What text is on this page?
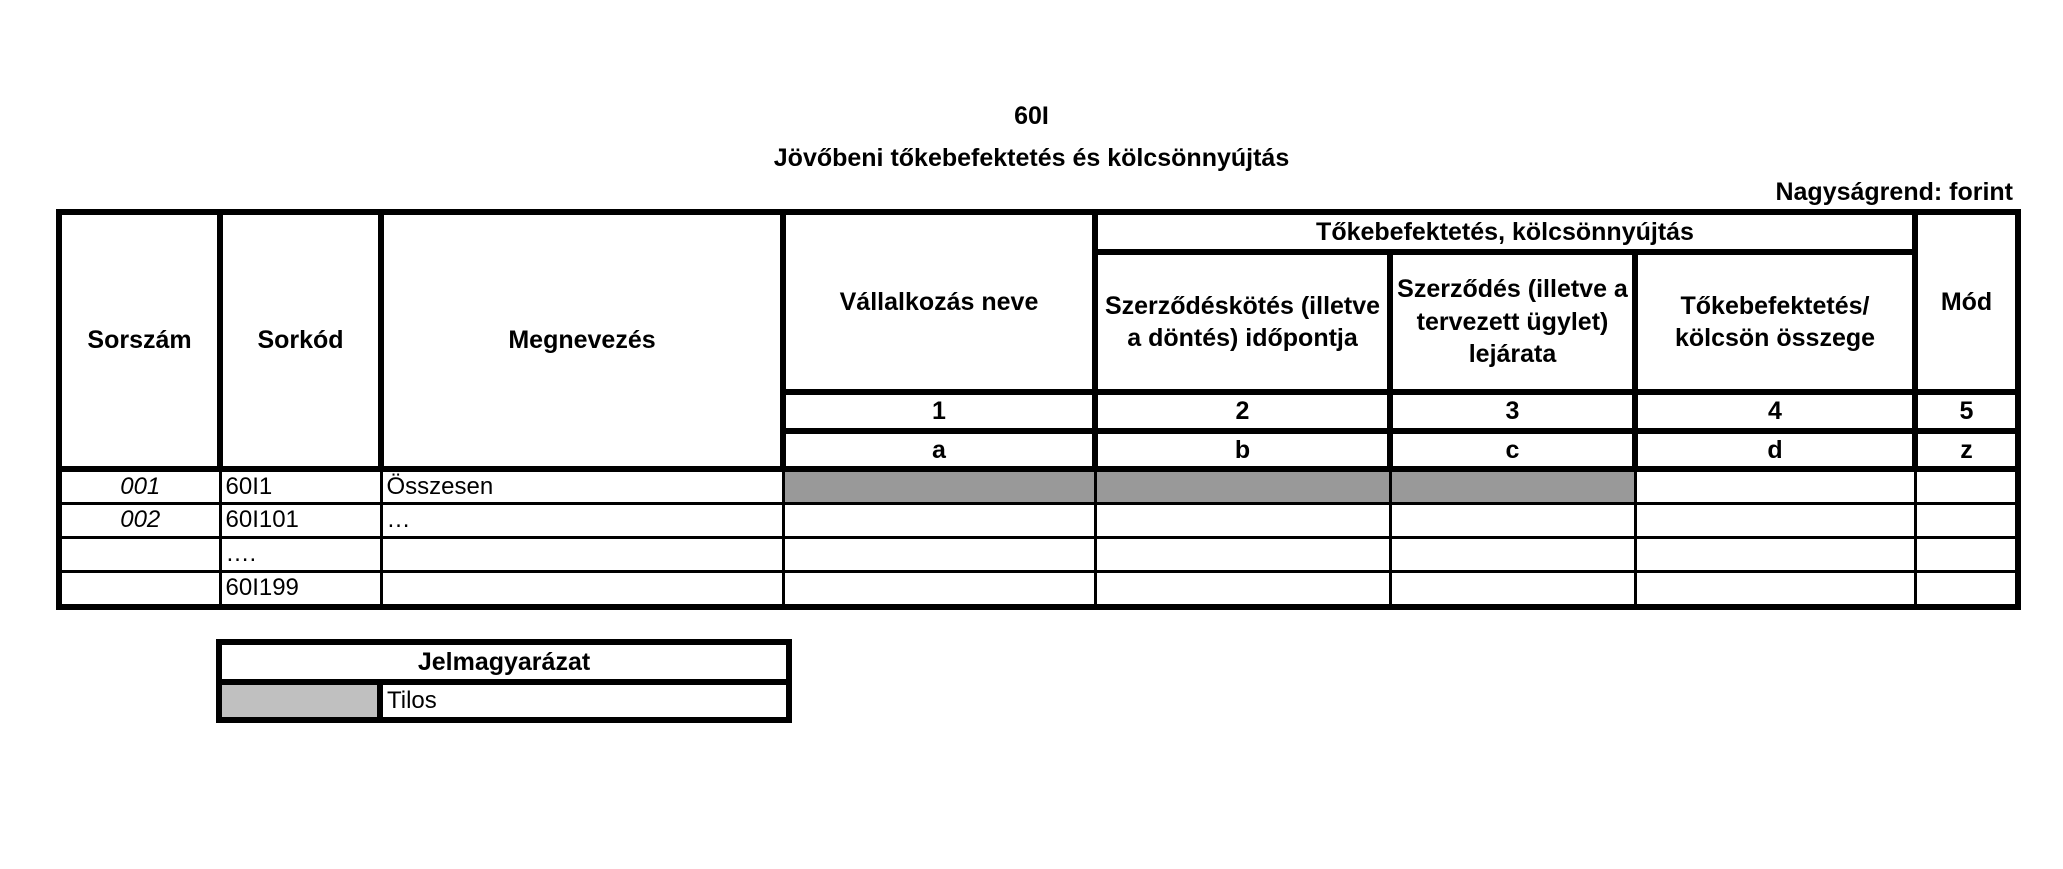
60I
Jövőbeni tőkebefektetés és kölcsönnyújtás
Nagyságrend: forint
Sorszám	Sorkód	Megnevezés	Vállalkozás neve	Tőkebefektetés, kölcsönnyújtás			Mód
				Szerződéskötés (illetve a döntés) időpontja	Szerződés (illetve a tervezett ügylet) lejárata	Tőkebefektetés/ kölcsön összege	
			1	2	3	4	5
			a	b	c	d	z
001	60I1	Összesen					
002	60I101	…					
	….						
	60I199						
Jelmagyarázat
	Tilos
